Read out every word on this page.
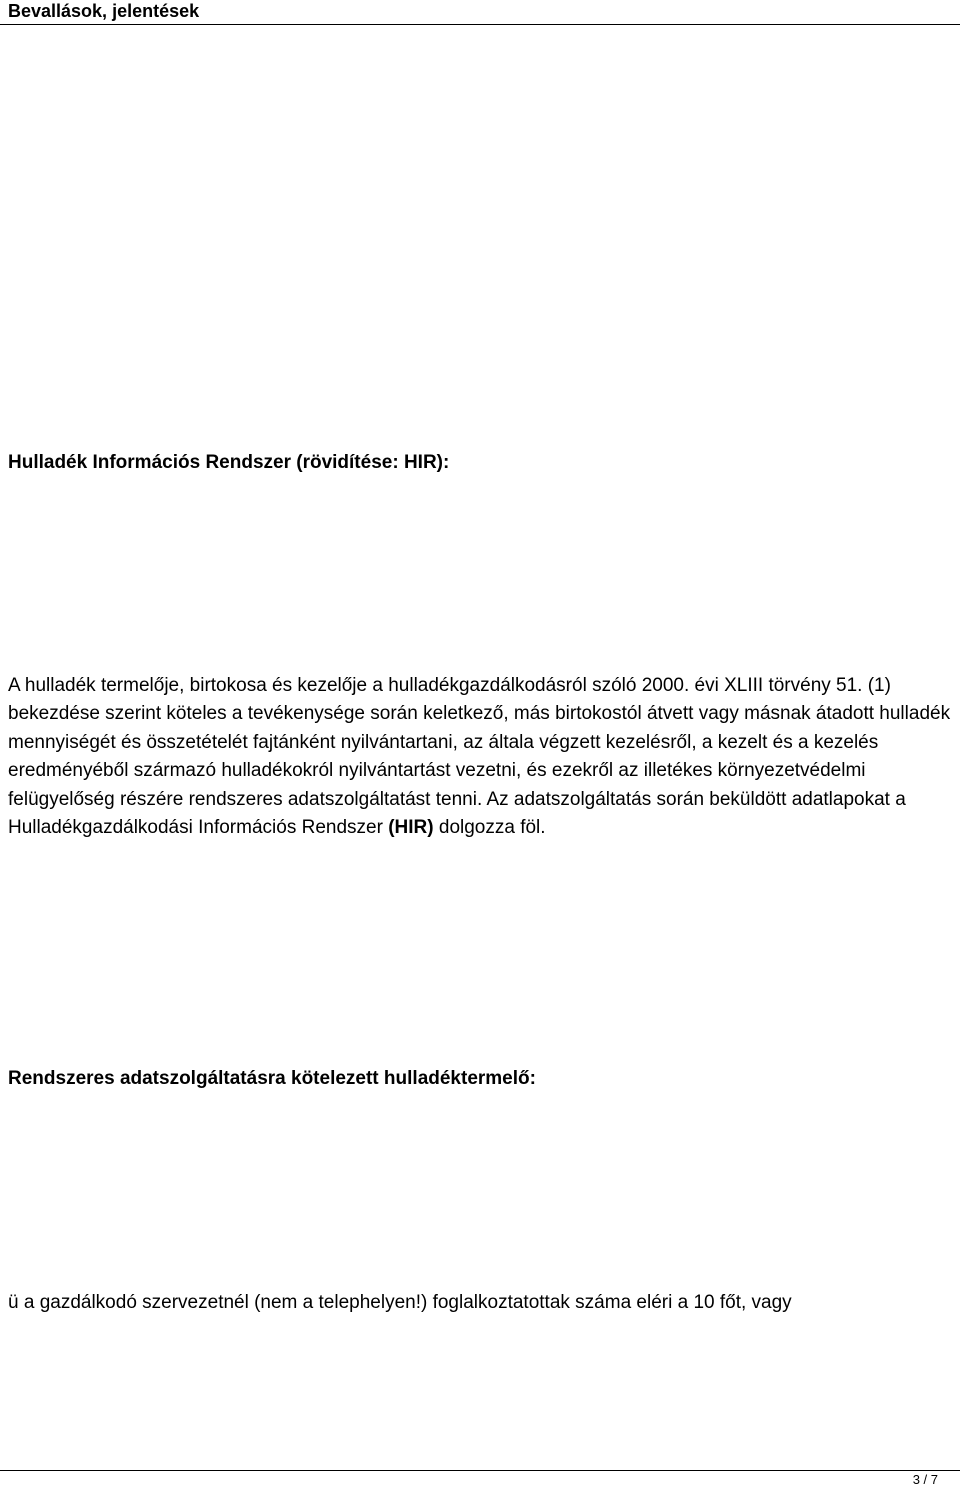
Bevallások, jelentések
Hulladék Információs Rendszer (rövidítése: HIR):
A hulladék termelője, birtokosa és kezelője a hulladékgazdálkodásról szóló 2000. évi XLIII törvény 51. (1) bekezdése szerint köteles a tevékenysége során keletkező, más birtokostól átvett vagy másnak átadott hulladék mennyiségét és összetételét fajtánként nyilvántartani, az általa végzett kezelésről, a kezelt és a kezelés eredményéből származó hulladékokról nyilvántartást vezetni, és ezekről az illetékes környezetvédelmi felügyelőség részére rendszeres adatszolgáltatást tenni. Az adatszolgáltatás során beküldött adatlapokat a Hulladékgazdálkodási Információs Rendszer (HIR) dolgozza föl.
Rendszeres adatszolgáltatásra kötelezett hulladéktermelő:
ü a gazdálkodó szervezetnél (nem a telephelyen!) foglalkoztatottak száma eléri a 10 főt, vagy
3 / 7
